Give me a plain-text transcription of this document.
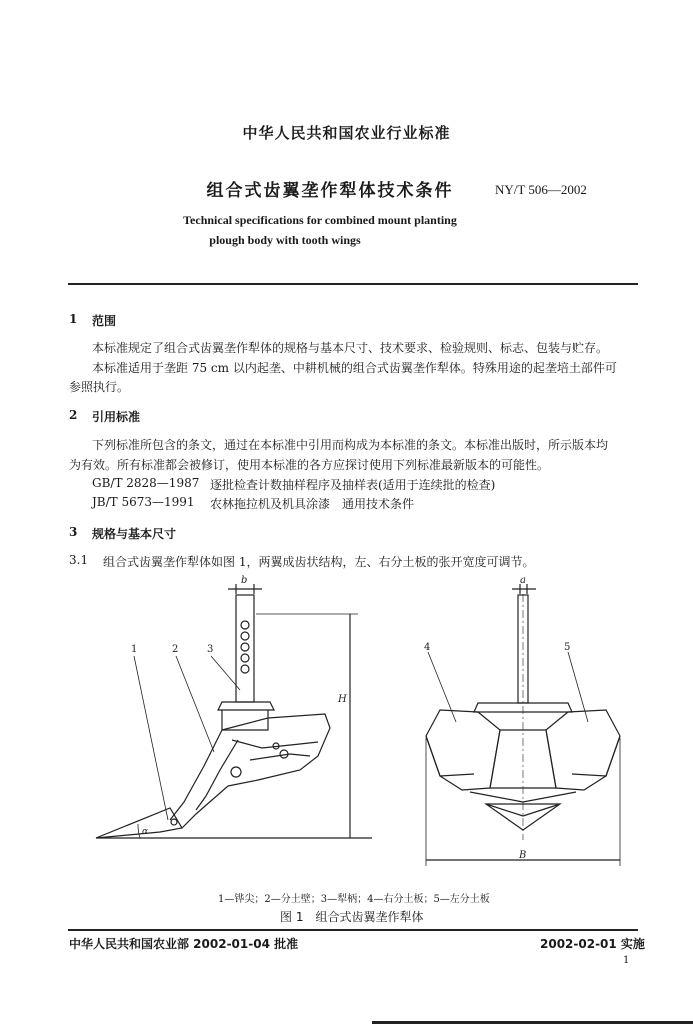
中华人民共和国农业行业标准
组合式齿翼垄作犁体技术条件	NY/T 506—2002
Technical specifications for combined mount planting
plough body with tooth wings
1 范围
本标准规定了组合式齿翼垄作犁体的规格与基本尺寸、技术要求、检验规则、标志、包装与贮存。
本标准适用于垄距 75 cm 以内起垄、中耕机械的组合式齿翼垄作犁体。特殊用途的起垄培土部件可
参照执行。
2 引用标准
下列标准所包含的条文，通过在本标准中引用而构成为本标准的条文。本标准出版时，所示版本均
为有效。所有标准都会被修订，使用本标准的各方应探讨使用下列标准最新版本的可能性。
GB/T 2828—1987 逐批检查计数抽样程序及抽样表(适用于连续批的检查)
JB/T 5673—1991 农林拖拉机及机具涂漆　通用技术条件
3 规格与基本尺寸
3.1 组合式齿翼垄作犁体如图 1，两翼成齿状结构，左、右分土板的张开宽度可调节。
1	2	3
b
H
α
4	5
a
B
1—铧尖；2—分土壁；3—犁柄；4—右分土板；5—左分土板
图 1　组合式齿翼垄作犁体
中华人民共和国农业部 2002-01-04 批准	2002-02-01 实施
1
